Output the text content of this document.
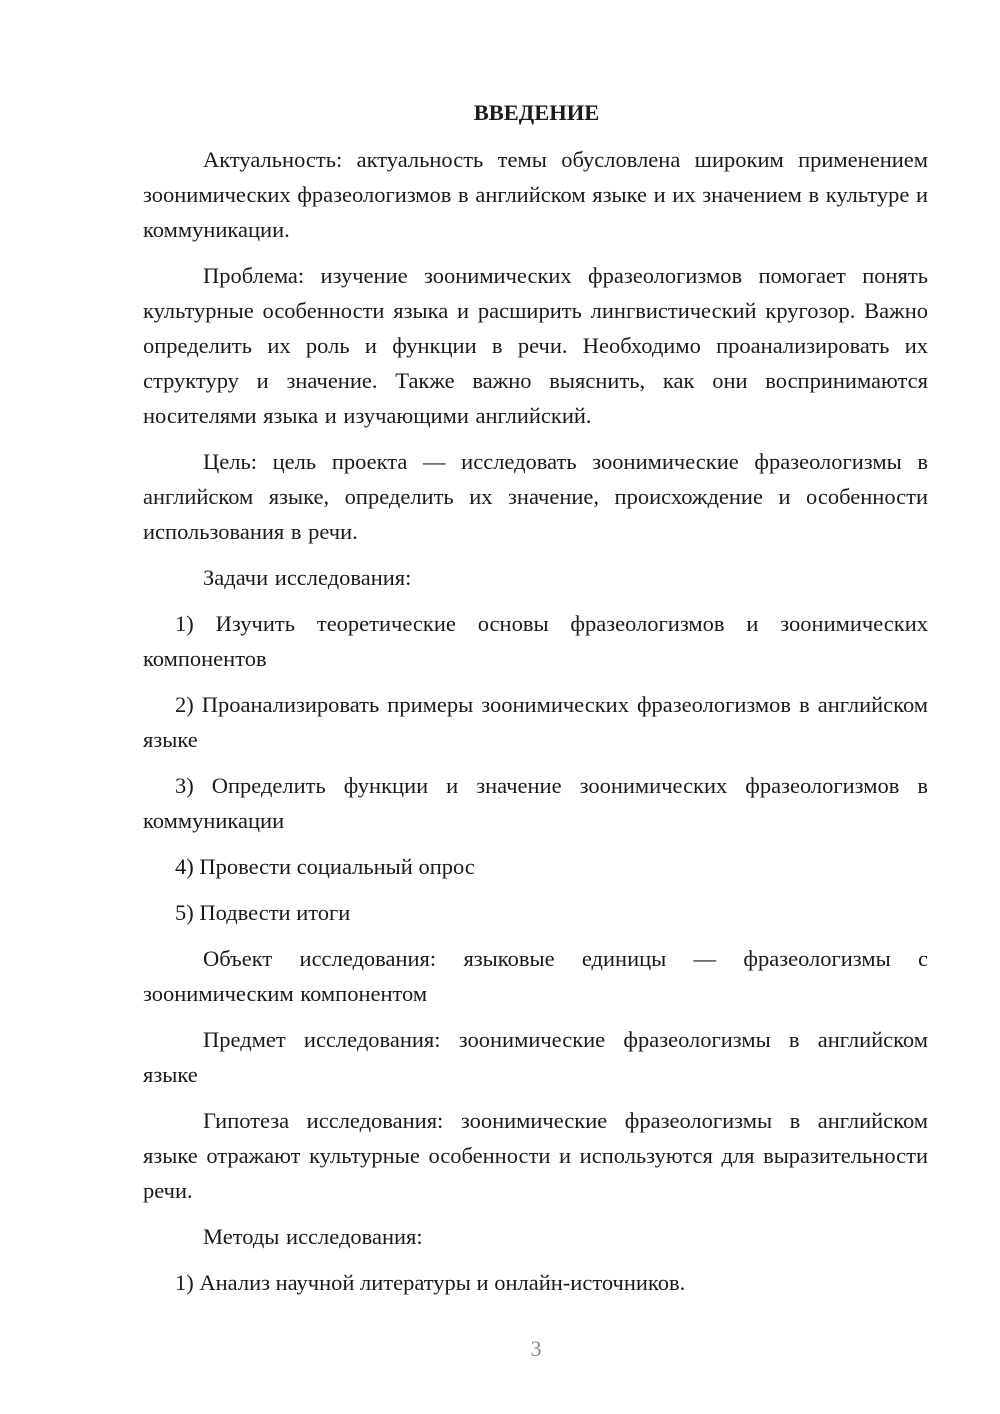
ВВЕДЕНИЕ
Актуальность: актуальность темы обусловлена широким применением зоонимических фразеологизмов в английском языке и их значением в культуре и коммуникации.
Проблема: изучение зоонимических фразеологизмов помогает понять культурные особенности языка и расширить лингвистический кругозор. Важно определить их роль и функции в речи. Необходимо проанализировать их структуру и значение. Также важно выяснить, как они воспринимаются носителями языка и изучающими английский.
Цель: цель проекта — исследовать зоонимические фразеологизмы в английском языке, определить их значение, происхождение и особенности использования в речи.
Задачи исследования:
1) Изучить теоретические основы фразеологизмов и зоонимических компонентов
2) Проанализировать примеры зоонимических фразеологизмов в английском языке
3) Определить функции и значение зоонимических фразеологизмов в коммуникации
4) Провести социальный опрос
5) Подвести итоги
Объект исследования: языковые единицы — фразеологизмы с зоонимическим компонентом
Предмет исследования: зоонимические фразеологизмы в английском языке
Гипотеза исследования: зоонимические фразеологизмы в английском языке отражают культурные особенности и используются для выразительности речи.
Методы исследования:
1) Анализ научной литературы и онлайн-источников.
3
